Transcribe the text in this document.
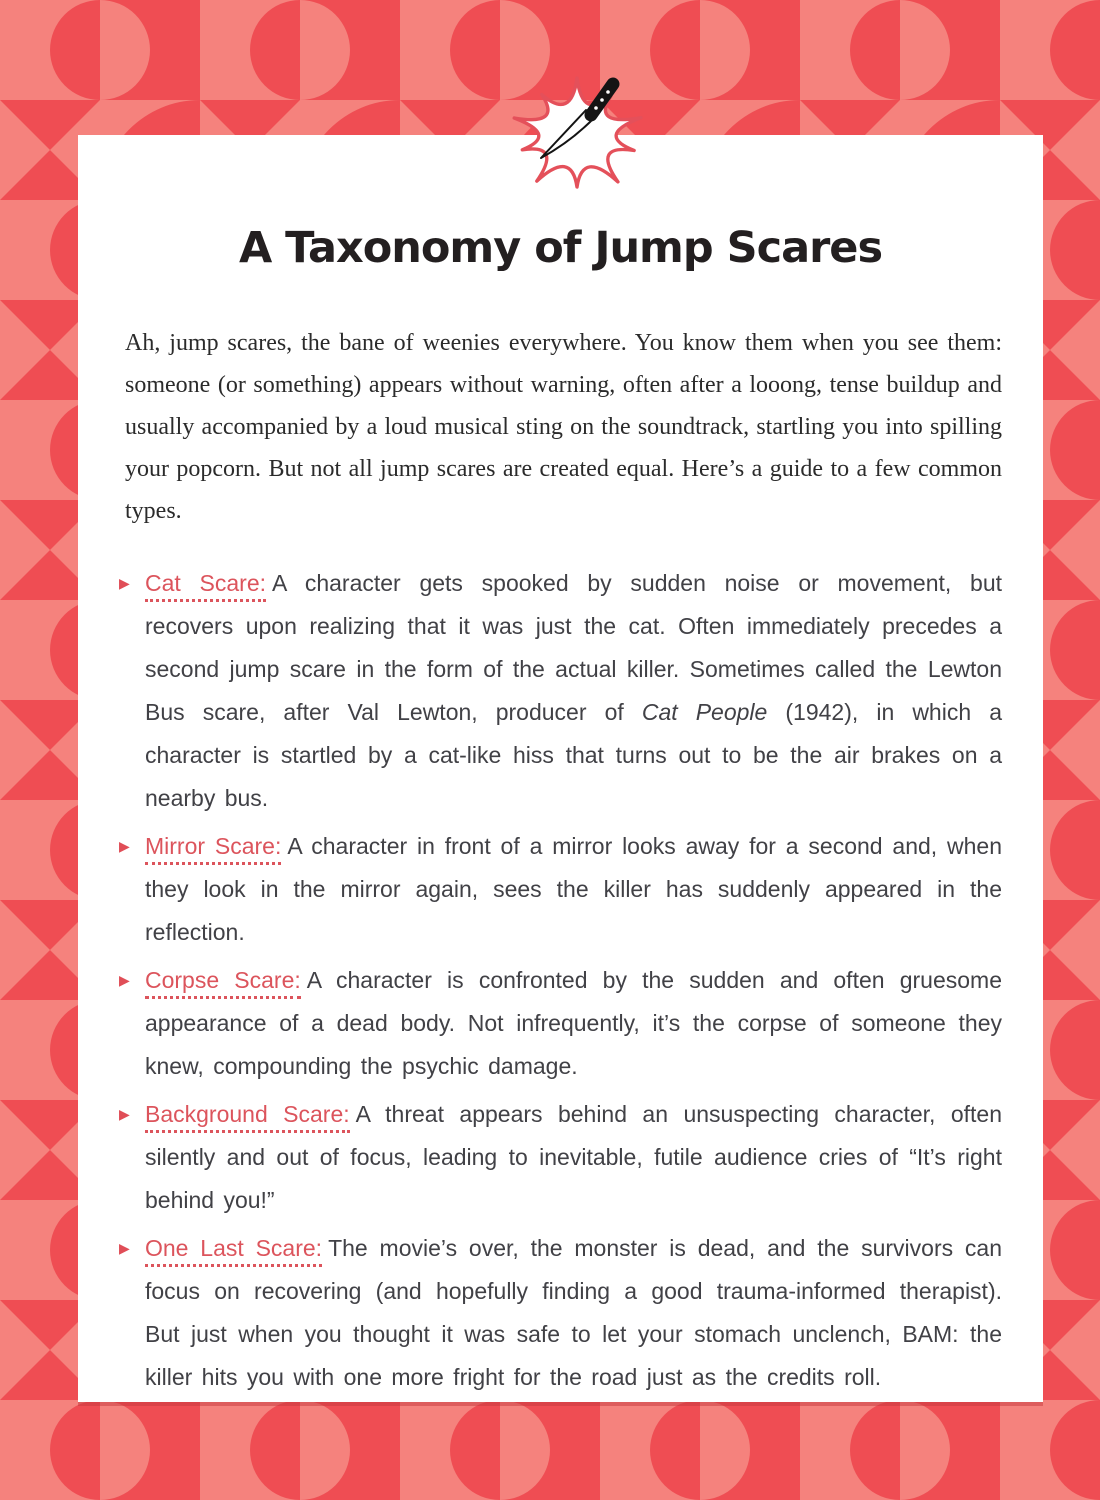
A Taxonomy of Jump Scares

Ah, jump scares, the bane of weenies everywhere. You know them when you see them: someone (or something) appears without warning, often after a looong, tense buildup and usually accompanied by a loud musical sting on the soundtrack, startling you into spilling your popcorn. But not all jump scares are created equal. Here’s a guide to a few common types.

▶ Cat Scare: A character gets spooked by sudden noise or movement, but recovers upon realizing that it was just the cat. Often immediately precedes a second jump scare in the form of the actual killer. Sometimes called the Lewton Bus scare, after Val Lewton, producer of Cat People (1942), in which a character is startled by a cat-like hiss that turns out to be the air brakes on a nearby bus.

▶ Mirror Scare: A character in front of a mirror looks away for a second and, when they look in the mirror again, sees the killer has suddenly appeared in the reflection.

▶ Corpse Scare: A character is confronted by the sudden and often gruesome appearance of a dead body. Not infrequently, it’s the corpse of someone they knew, compounding the psychic damage.

▶ Background Scare: A threat appears behind an unsuspecting character, often silently and out of focus, leading to inevitable, futile audience cries of “It’s right behind you!”

▶ One Last Scare: The movie’s over, the monster is dead, and the survivors can focus on recovering (and hopefully finding a good trauma-informed therapist). But just when you thought it was safe to let your stomach unclench, BAM: the killer hits you with one more fright for the road just as the credits roll.
